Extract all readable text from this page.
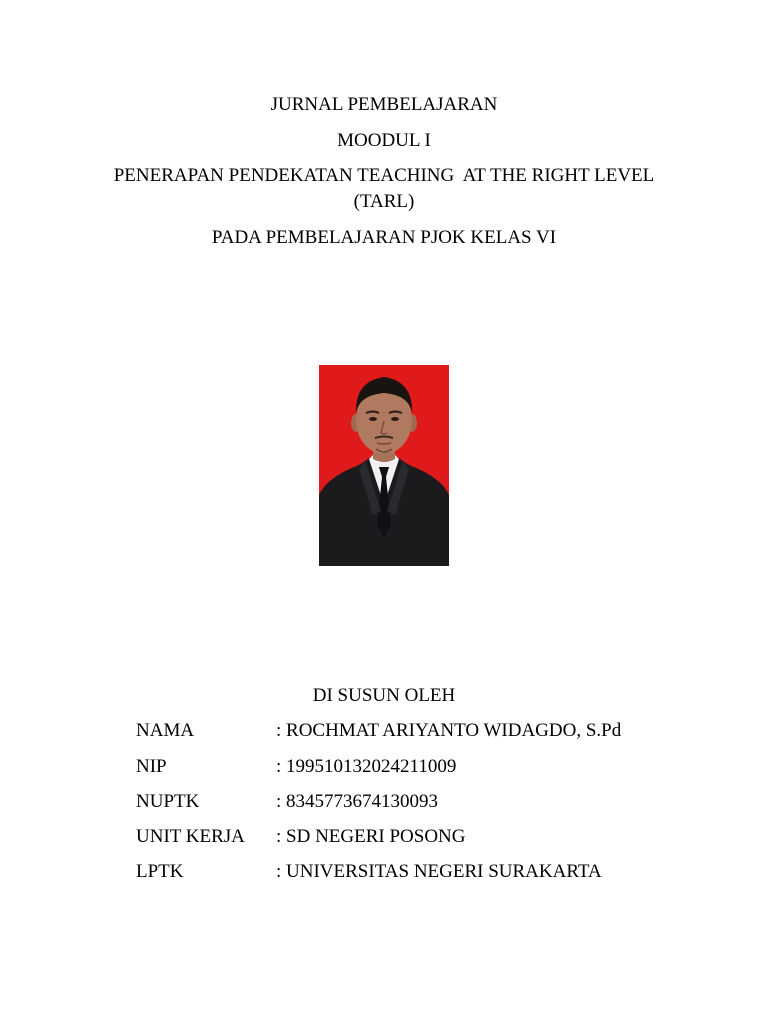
JURNAL PEMBELAJARAN
MOODUL I
PENERAPAN PENDEKATAN TEACHING  AT THE RIGHT LEVEL
(TARL)
PADA PEMBELAJARAN PJOK KELAS VI
DI SUSUN OLEH

NAMA

	: ROCHMAT ARIYANTO WIDAGDO, S.Pd

NIP

	: 199510132024211009

NUPTK

	: 8345773674130093

UNIT KERJA

: SD NEGERI POSONG

LPTK

	: UNIVERSITAS NEGERI SURAKARTA
